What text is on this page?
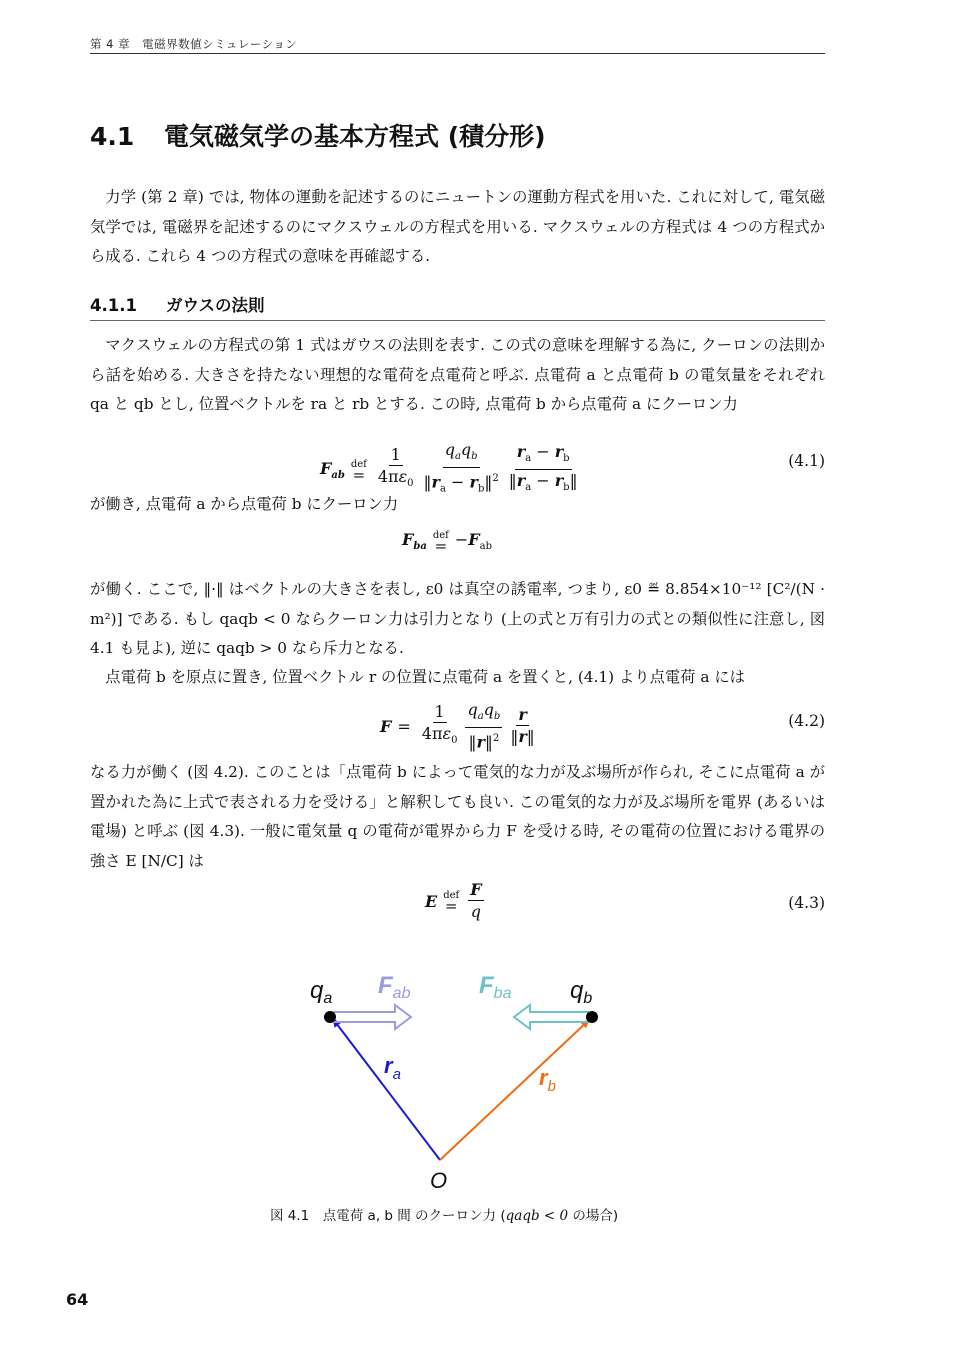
第 4 章　電磁界数値シミュレーション
4.1 電気磁気学の基本方程式 (積分形)

力学 (第 2 章) では, 物体の運動を記述するのにニュートンの運動方程式を用いた. これに対して, 電気磁気学では, 電磁界を記述するのにマクスウェルの方程式を用いる. マクスウェルの方程式は 4 つの方程式から成る. これら 4 つの方程式の意味を再確認する.

4.1.1 ガウスの法則

マクスウェルの方程式の第 1 式はガウスの法則を表す. この式の意味を理解する為に, クーロンの法則から話を始める. 大きさを持たない理想的な電荷を点電荷と呼ぶ. 点電荷 a と点電荷 b の電気量をそれぞれ qa と qb とし, 位置ベクトルを ra と rb とする. この時, 点電荷 b から点電荷 a にクーロン力

$F_{ab}$
def
= $\frac{1}{4\pi\varepsilon_0} \frac{q_aq_b}{‖r_a - r_b‖^2} \frac{r_a - r_b}{‖r_a - r_b‖}$	(4.1)

が働き, 点電荷 a から点電荷 b にクーロン力

$F_{ba}$
def
= $-F_{ab}$

が働く. ここで, ‖·‖ はベクトルの大きさを表し, ε0 は真空の誘電率, つまり, ε0 ≝ 8.854×10⁻¹² [C²/(N · m²)] である. もし qaqb < 0 ならクーロン力は引力となり (上の式と万有引力の式との類似性に注意し, 図 4.1 も見よ), 逆に qaqb > 0 なら斥力となる.

点電荷 b を原点に置き, 位置ベクトル r の位置に点電荷 a を置くと, (4.1) より点電荷 a には

$F = \frac{1}{4\pi\varepsilon_0} \frac{q_aq_b}{‖r‖^2} \frac{r}{‖r‖}$	(4.2)

なる力が働く (図 4.2). このことは「点電荷 b によって電気的な力が及ぶ場所が作られ, そこに点電荷 a が置かれた為に上式で表される力を受ける」と解釈しても良い. この電気的な力が及ぶ場所を電界 (あるいは電場) と呼ぶ (図 4.3). 一般に電気量 q の電荷が電界から力 F を受ける時, その電荷の位置における電界の強さ E [N/C] は

E def
= $\frac{F}{q}$	(4.3)
$q_a$	$q_b$
$F_{ab}$	$F_{ba}$
$r_a$	$r_b$
O
図 4.1　点電荷 a, b 間 のクーロン力 (qaqb < 0 の場合)
64
